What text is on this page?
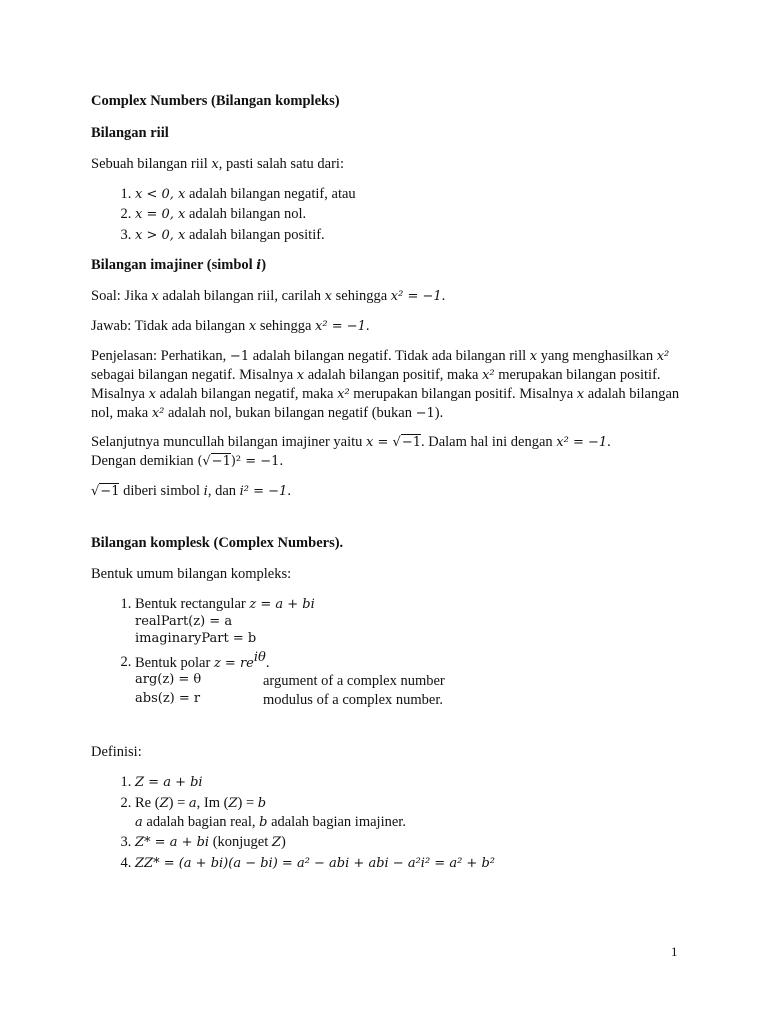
Complex Numbers (Bilangan kompleks)
Bilangan riil

Sebuah bilangan riil x, pasti salah satu dari:

1. x < 0, x adalah bilangan negatif, atau
2. x = 0, x adalah bilangan nol.
3. x > 0, x adalah bilangan positif.
Bilangan imajiner (simbol i)

Soal: Jika x adalah bilangan riil, carilah x sehingga x² = −1.

Jawab: Tidak ada bilangan x sehingga x² = −1.

Penjelasan: Perhatikan, −1 adalah bilangan negatif. Tidak ada bilangan rill x yang menghasilkan x² sebagai bilangan negatif. Misalnya x adalah bilangan positif, maka x² merupakan bilangan positif. Misalnya x adalah bilangan negatif, maka x² merupakan bilangan positif. Misalnya x adalah bilangan nol, maka x² adalah nol, bukan bilangan negatif (bukan −1).

Selanjutnya muncullah bilangan imajiner yaitu x = √−1. Dalam hal ini dengan x² = −1.
Dengan demikian (√−1)² = −1.

√−1 diberi simbol i, dan i² = −1.

Bilangan komplesk (Complex Numbers).

Bentuk umum bilangan kompleks:

1. Bentuk rectangular z = a + bi
realPart(z) = a
imaginaryPart = b
2. Bentuk polar $z = re^{i\theta}$.
arg(z) = θ	argument of a complex number
abs(z) = r	modulus of a complex number.

Definisi:

1. Z = a + bi
2. Re (Z) = a, Im (Z) = b
a adalah bagian real, b adalah bagian imajiner.
3. Z* = a + bi (konjuget Z)
4. ZZ* = (a + bi)(a − bi) = a² − abi + abi − a²i² = a² + b²
1
